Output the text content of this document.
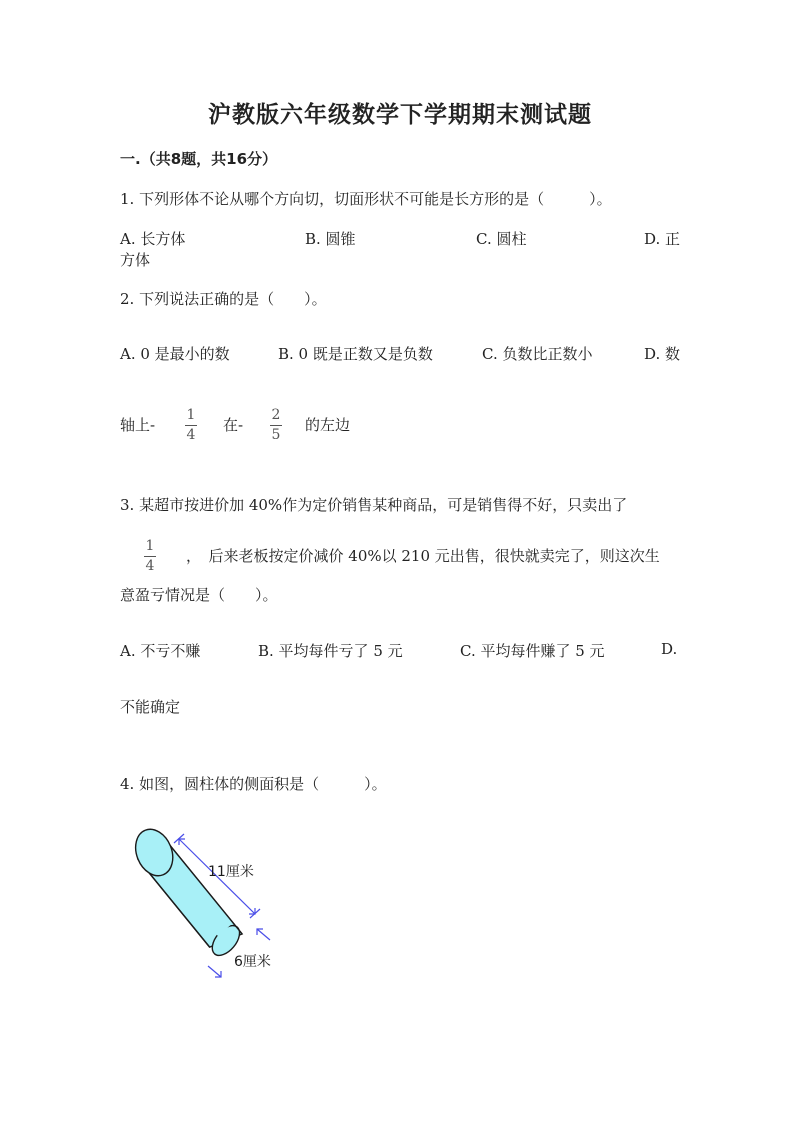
沪教版六年级数学下学期期末测试题
一.（共8题，共16分）
1. 下列形体不论从哪个方向切，切面形状不可能是长方形的是（　　　）。
A. 长方体	B. 圆锥	C. 圆柱	D. 正
方体
2. 下列说法正确的是（　　）。
A. 0 是最小的数	B. 0 既是正数又是负数	C. 负数比正数小	D. 数
轴上-
1
4
在-
2
5
的左边
3. 某超市按进价加 40%作为定价销售某种商品，可是销售得不好，只卖出了
1
4
，　后来老板按定价减价 40%以 210 元出售，很快就卖完了，则这次生
意盈亏情况是（　　）。
A. 不亏不赚	B. 平均每件亏了 5 元	C. 平均每件赚了 5 元	D.
不能确定
4. 如图，圆柱体的侧面积是（　　　）。
11厘米
6厘米
